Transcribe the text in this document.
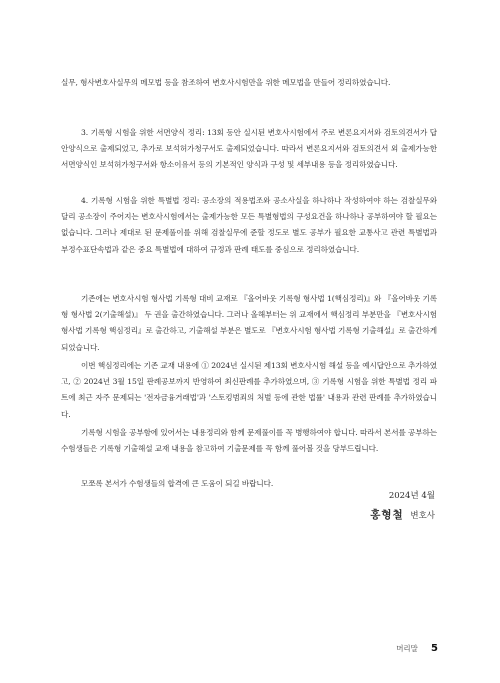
실무, 형사변호사실무의 메모법 등을 참조하여 변호사시험만을 위한 메모법을 만들어 정리하였습니다.

3. 기록형 시험을 위한 서면양식 정리: 13회 동안 실시된 변호사시험에서 주로 변론요지서와 검토의견서가 답안양식으로 출제되었고, 추가로 보석허가청구서도 출제되었습니다. 따라서 변론요지서와 검토의견서 외 출제가능한 서면양식인 보석허가청구서와 항소이유서 등의 기본적인 양식과 구성 및 세부내용 등을 정리하였습니다.

4. 기록형 시험을 위한 특별법 정리: 공소장의 적용법조와 공소사실을 하나하나 작성하여야 하는 검찰실무와 달리 공소장이 주어지는 변호사시험에서는 출제가능한 모든 특별형법의 구성요건을 하나하나 공부하여야 할 필요는 없습니다. 그러나 제대로 된 문제풀이를 위해 검찰실무에 준할 정도로 별도 공부가 필요한 교통사고 관련 특별법과 부정수표단속법과 같은 중요 특별법에 대하여 규정과 판례 태도를 중심으로 정리하였습니다.

기존에는 변호사시험 형사법 기록형 대비 교재로 『올어바웃 기록형 형사법 1(핵심정리)』와 『올어바웃 기록형 형사법 2(기출해설)』 두 권을 출간하였습니다. 그러나 올해부터는 위 교재에서 핵심정리 부분만을 『변호사시험 형사법 기록형 핵심정리』로 출간하고, 기출해설 부분은 별도로 『변호사시험 형사법 기록형 기출해설』로 출간하게 되었습니다.

이번 핵심정리에는 기존 교재 내용에 ① 2024년 실시된 제13회 변호사시험 해설 등을 예시답안으로 추가하였고, ② 2024년 3월 15일 판례공보까지 반영하여 최신판례를 추가하였으며, ③ 기록형 시험을 위한 특별법 정리 파트에 최근 자주 문제되는 '전자금융거래법'과 '스토킹범죄의 처벌 등에 관한 법률' 내용과 관련 판례를 추가하였습니다.

기록형 시험을 공부함에 있어서는 내용정리와 함께 문제풀이를 꼭 병행하여야 합니다. 따라서 본서를 공부하는 수험생들은 기록형 기출해설 교재 내용을 참고하여 기출문제를 꼭 함께 풀어볼 것을 당부드립니다.

모쪼록 본서가 수험생들의 합격에 큰 도움이 되길 바랍니다.

2024년 4월

홍형철 변호사

머리말 5
